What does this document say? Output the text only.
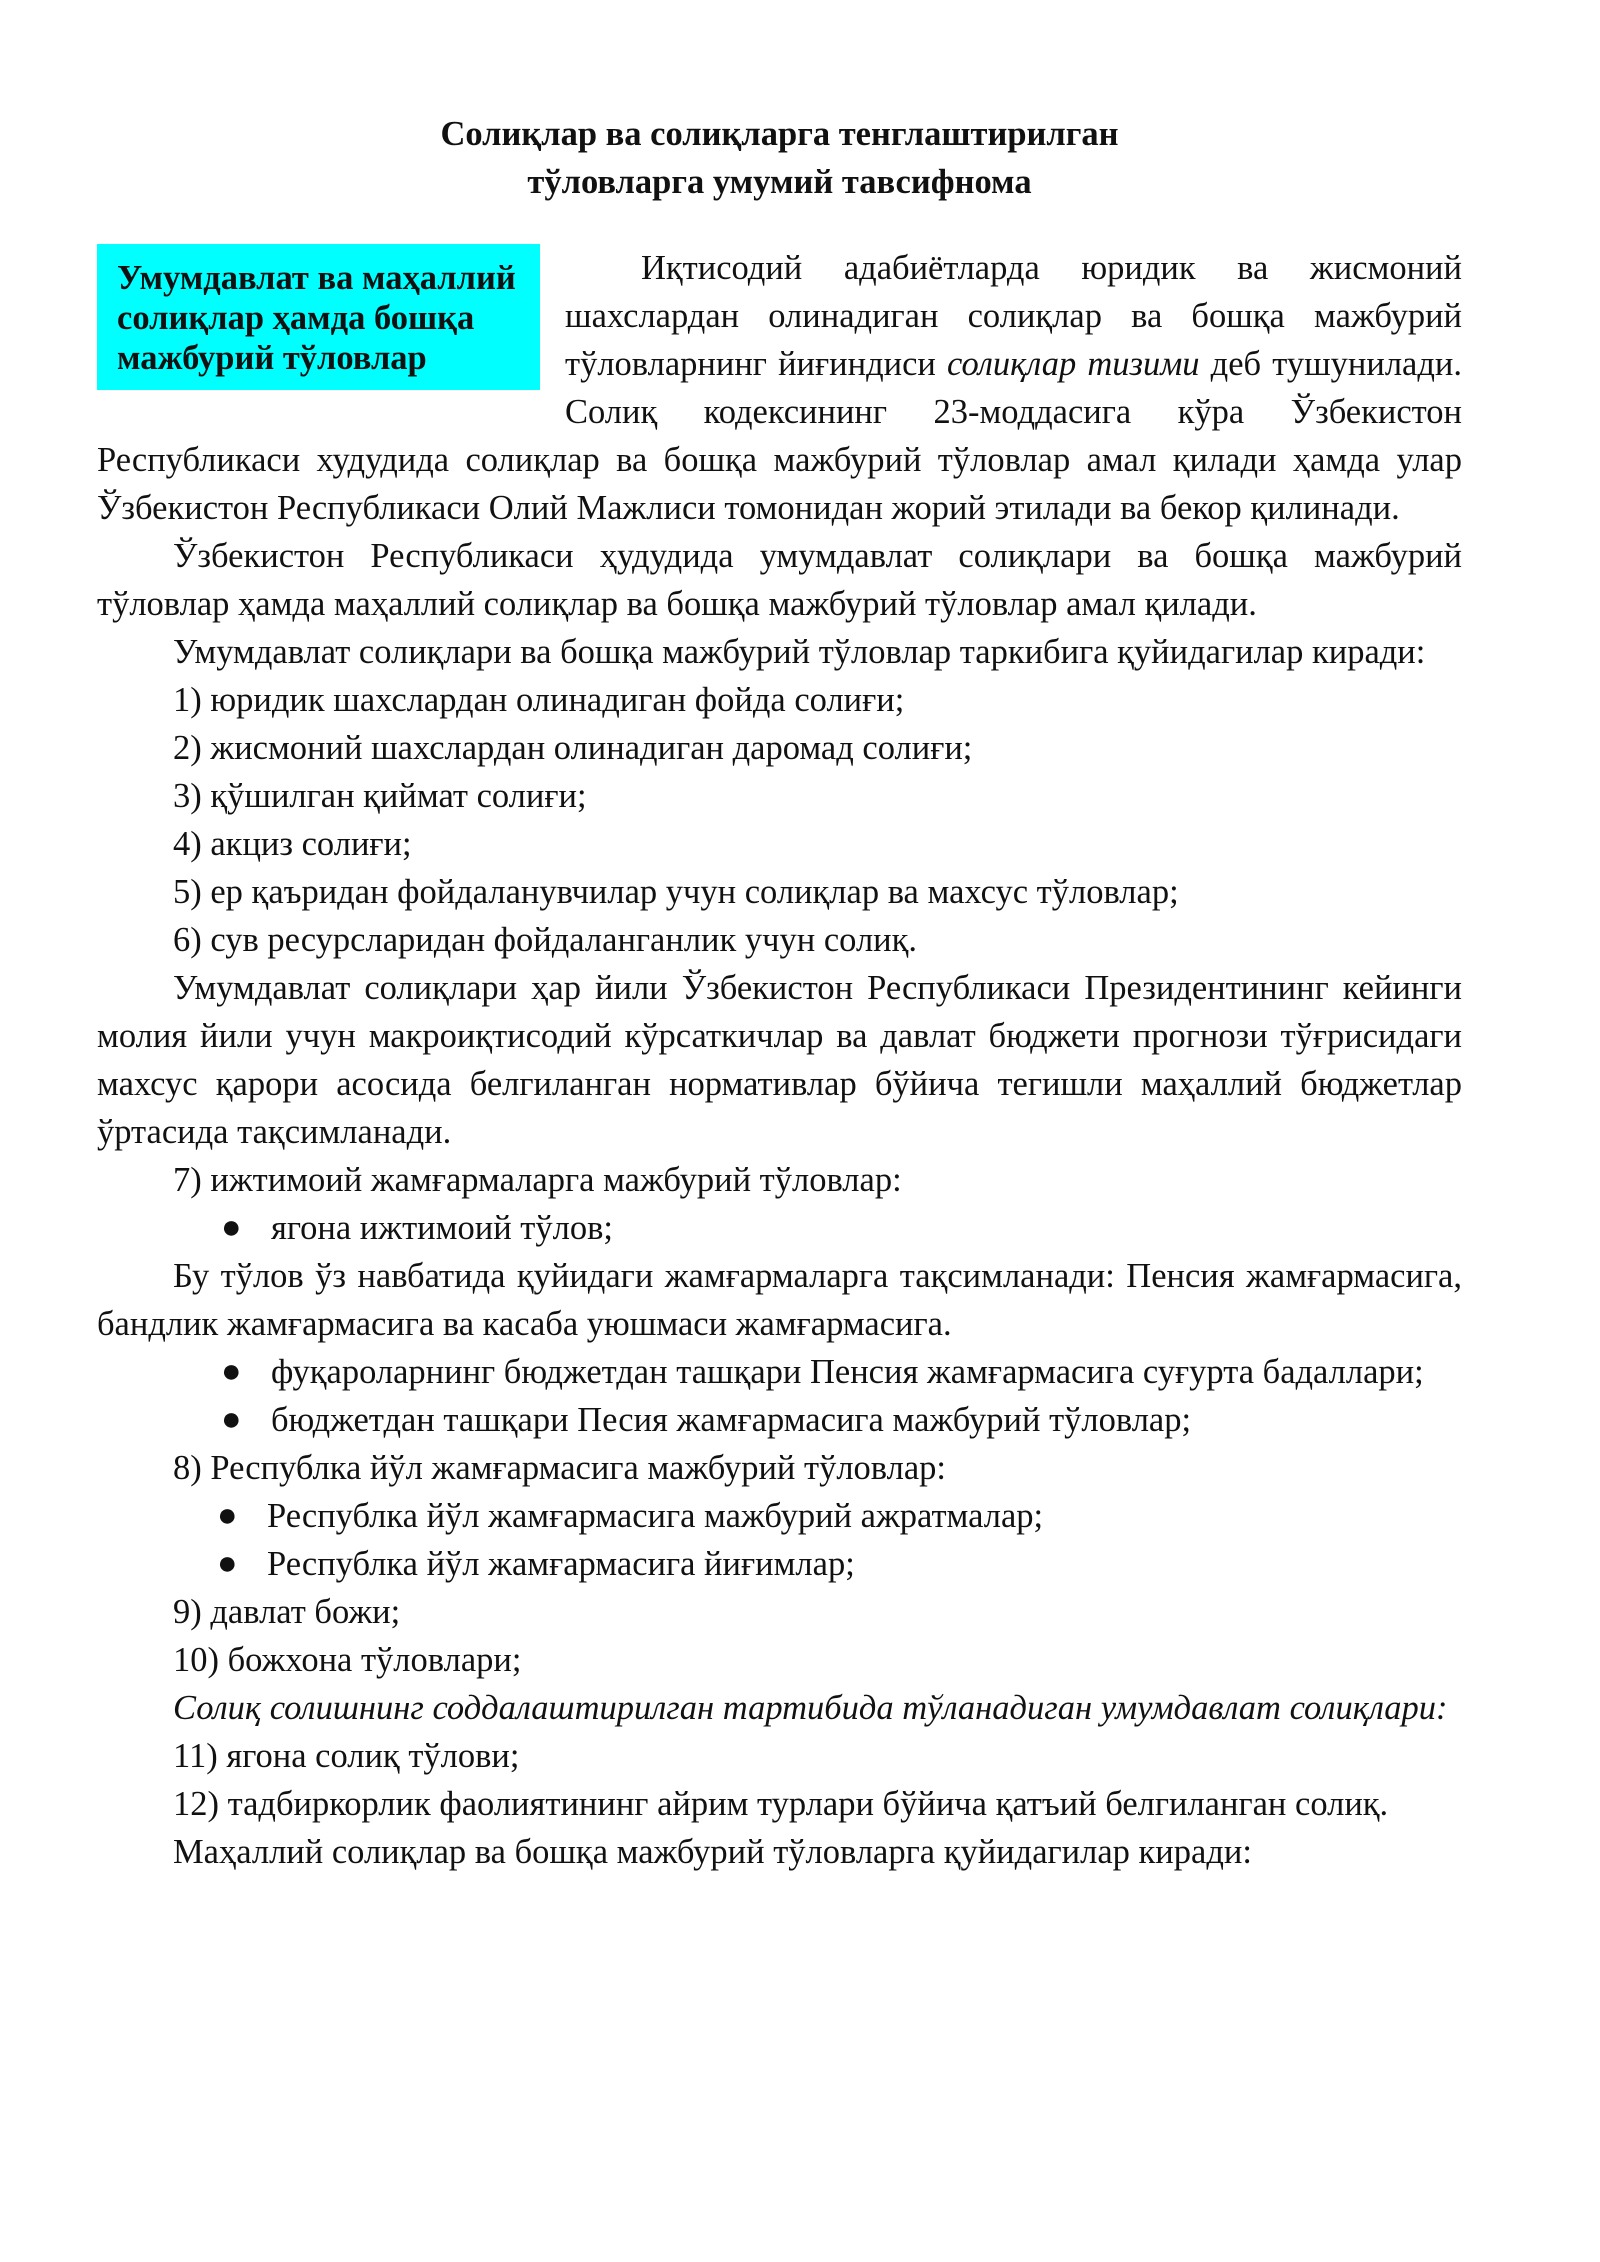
Солиқлар ва солиқларга тенглаштирилган
тўловларга умумий тавсифнома
Умумдавлат ва маҳаллий солиқлар ҳамда бошқа мажбурий тўловлар

Иқтисодий адабиётларда юридик ва жисмоний шахслардан олинадиган солиқлар ва бошқа мажбурий тўловларнинг йиғиндиси солиқлар тизими деб тушунилади. Солиқ кодексининг 23-моддасига кўра Ўзбекистон Республикаси худудида солиқлар ва бошқа мажбурий тўловлар амал қилади ҳамда улар Ўзбекистон Республикаси Олий Мажлиси томонидан жорий этилади ва бекор қилинади.

Ўзбекистон Республикаси ҳудудида умумдавлат солиқлари ва бошқа мажбурий тўловлар ҳамда маҳаллий солиқлар ва бошқа мажбурий тўловлар амал қилади.

Умумдавлат солиқлари ва бошқа мажбурий тўловлар таркибига қуйидагилар киради:

1) юридик шахслардан олинадиган фойда солиғи;

2) жисмоний шахслардан олинадиган даромад солиғи;

3) қўшилган қиймат солиғи;

4) акциз солиғи;

5) ер қаъридан фойдаланувчилар учун солиқлар ва махсус тўловлар;

6) сув ресурсларидан фойдаланганлик учун солиқ.

Умумдавлат солиқлари ҳар йили Ўзбекистон Республикаси Президентининг кейинги молия йили учун макроиқтисодий кўрсаткичлар ва давлат бюджети прогнози тўғрисидаги махсус қарори асосида белгиланган нормативлар бўйича тегишли маҳаллий бюджетлар ўртасида тақсимланади.

7) ижтимоий жамғармаларга мажбурий тўловлар:

● ягона ижтимоий тўлов;

Бу тўлов ўз навбатида қуйидаги жамғармаларга тақсимланади: Пенсия жамғармасига, бандлик жамғармасига ва касаба уюшмаси жамғармасига.

● фуқароларнинг бюджетдан ташқари Пенсия жамғармасига суғурта бадаллари;
● бюджетдан ташқари Песия жамғармасига мажбурий тўловлар;

8) Республка йўл жамғармасига мажбурий тўловлар:

● Республка йўл жамғармасига мажбурий ажратмалар;
● Республка йўл жамғармасига йиғимлар;

9) давлат божи;

10) божхона тўловлари;

Солиқ солишнинг соддалаштирилган тартибида тўланадиган умумдавлат солиқлари:

11) ягона солиқ тўлови;

12) тадбиркорлик фаолиятининг айрим турлари бўйича қатъий белгиланган солиқ.

Маҳаллий солиқлар ва бошқа мажбурий тўловларга қуйидагилар киради:
